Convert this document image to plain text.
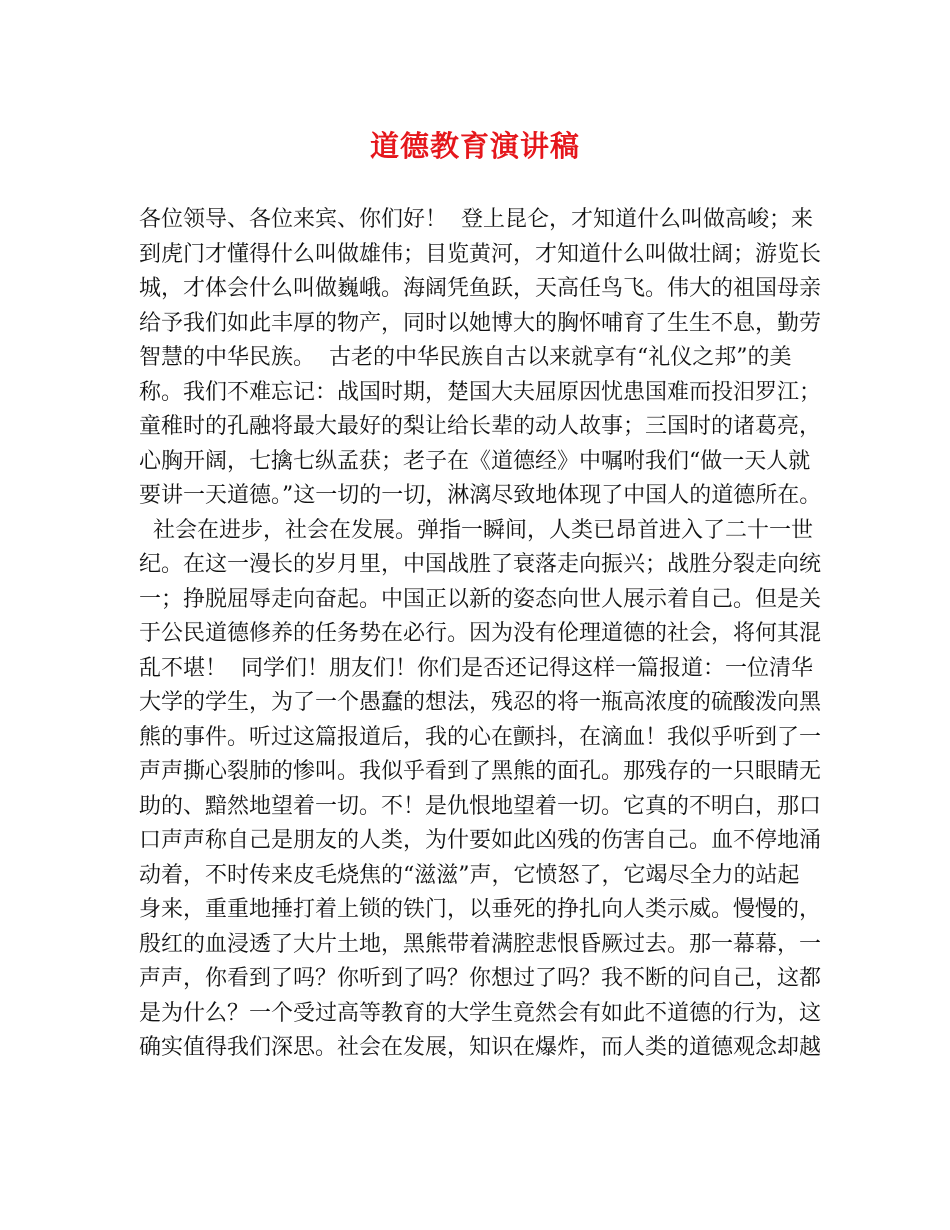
道德教育演讲稿
各位领导、各位来宾、你们好！  登上昆仑，才知道什么叫做高峻；来
到虎门才懂得什么叫做雄伟；目览黄河，才知道什么叫做壮阔；游览长
城，才体会什么叫做巍峨。海阔凭鱼跃，天高任鸟飞。伟大的祖国母亲
给予我们如此丰厚的物产，同时以她博大的胸怀哺育了生生不息，勤劳
智慧的中华民族。  古老的中华民族自古以来就享有“礼仪之邦”的美
称。我们不难忘记：战国时期，楚国大夫屈原因忧患国难而投汨罗江；
童稚时的孔融将最大最好的梨让给长辈的动人故事；三国时的诸葛亮，
心胸开阔，七擒七纵孟获；老子在《道德经》中嘱咐我们“做一天人就
要讲一天道德。”这一切的一切，淋漓尽致地体现了中国人的道德所在。
社会在进步，社会在发展。弹指一瞬间，人类已昂首进入了二十一世
纪。在这一漫长的岁月里，中国战胜了衰落走向振兴；战胜分裂走向统
一；挣脱屈辱走向奋起。中国正以新的姿态向世人展示着自己。但是关
于公民道德修养的任务势在必行。因为没有伦理道德的社会，将何其混
乱不堪！  同学们！朋友们！你们是否还记得这样一篇报道：一位清华
大学的学生，为了一个愚蠢的想法，残忍的将一瓶高浓度的硫酸泼向黑
熊的事件。听过这篇报道后，我的心在颤抖，在滴血！我似乎听到了一
声声撕心裂肺的惨叫。我似乎看到了黑熊的面孔。那残存的一只眼睛无
助的、黯然地望着一切。不！是仇恨地望着一切。它真的不明白，那口
口声声称自己是朋友的人类，为什要如此凶残的伤害自己。血不停地涌
动着，不时传来皮毛烧焦的“滋滋”声，它愤怒了，它竭尽全力的站起
身来，重重地捶打着上锁的铁门，以垂死的挣扎向人类示威。慢慢的，
殷红的血浸透了大片土地，黑熊带着满腔悲恨昏厥过去。那一幕幕，一
声声，你看到了吗？你听到了吗？你想过了吗？我不断的问自己，这都
是为什么？一个受过高等教育的大学生竟然会有如此不道德的行为，这
确实值得我们深思。社会在发展，知识在爆炸，而人类的道德观念却越
